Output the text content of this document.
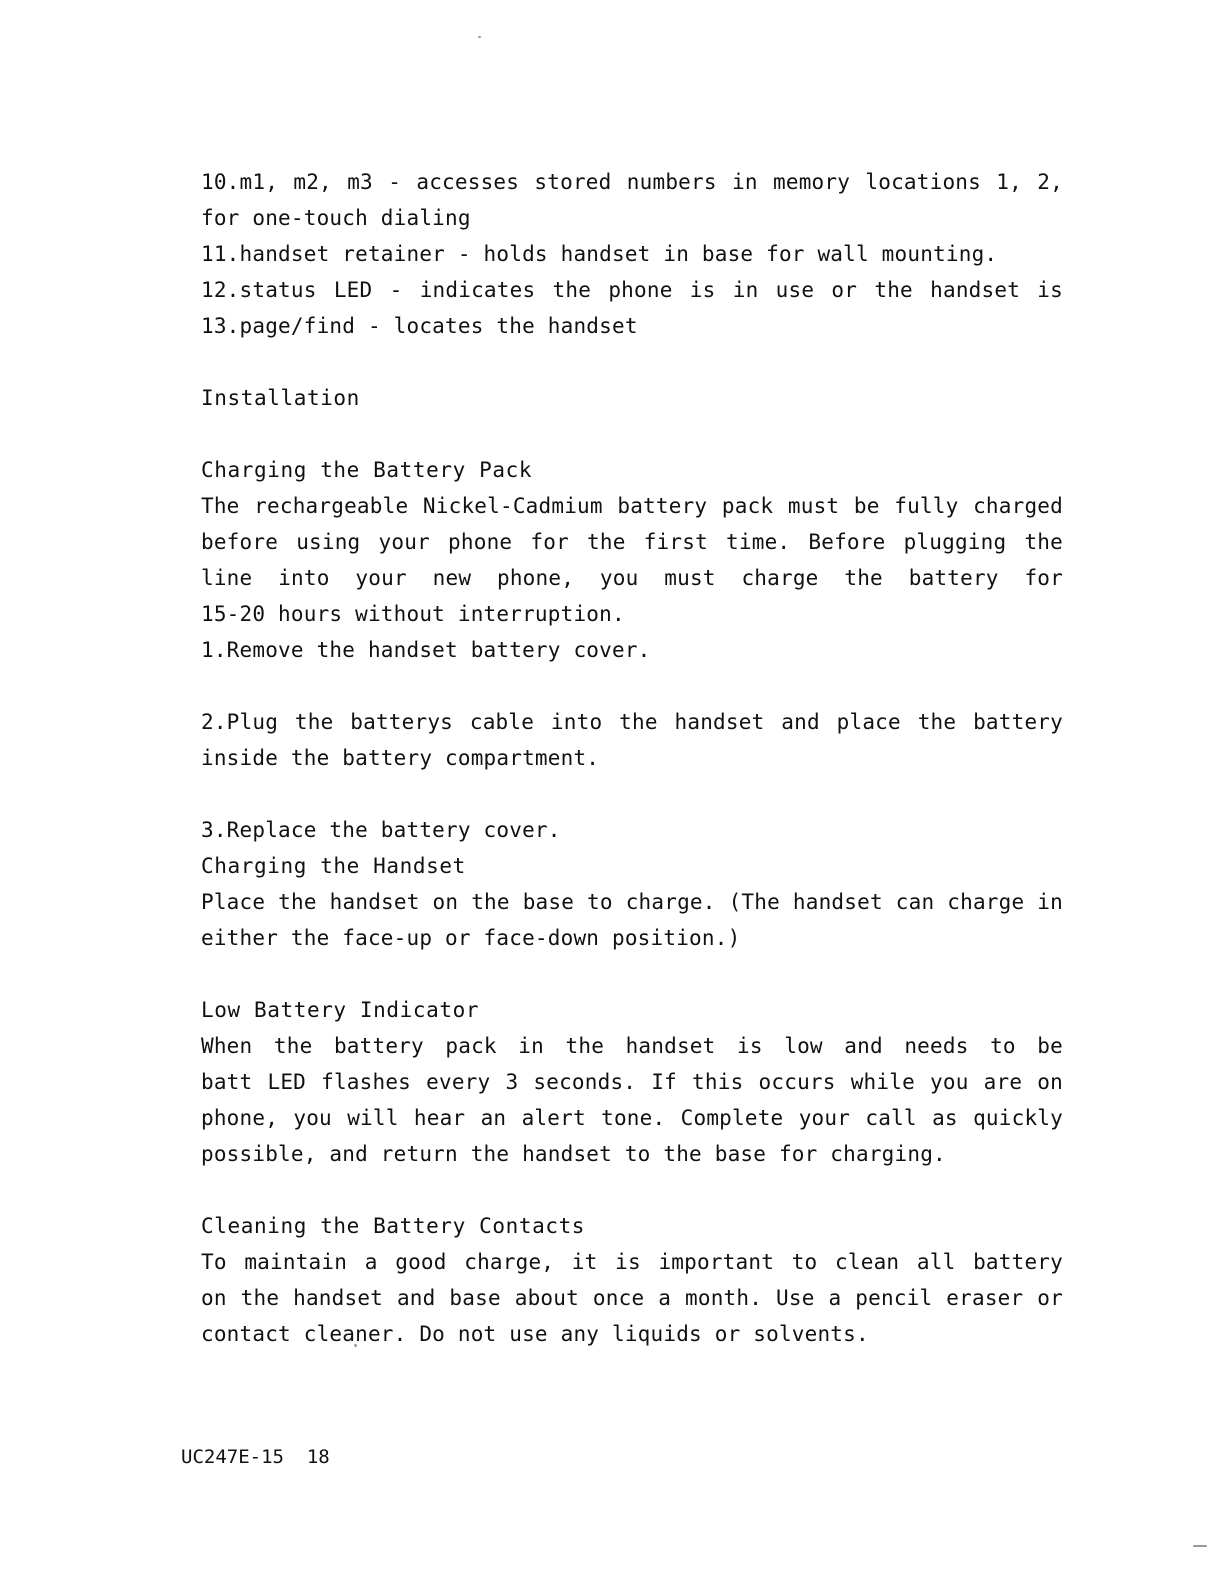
10.m1, m2, m3 - accesses stored numbers in memory locations 1, 2,
for one-touch dialing
11.handset retainer - holds handset in base for wall mounting.
12.status LED - indicates the phone is in use or the handset is
13.page/find - locates the handset
Installation
Charging the Battery Pack
The rechargeable Nickel-Cadmium battery pack must be fully charged
before using your phone for the first time. Before plugging the
line into your new phone, you must charge the battery for
15-20 hours without interruption.
1.Remove the handset battery cover.
2.Plug the batterys cable into the handset and place the battery
inside the battery compartment.
3.Replace the battery cover.
Charging the Handset
Place the handset on the base to charge. (The handset can charge in
either the face-up or face-down position.)
Low Battery Indicator
When the battery pack in the handset is low and needs to be
batt LED flashes every 3 seconds. If this occurs while you are on
phone, you will hear an alert tone. Complete your call as quickly
possible, and return the handset to the base for charging.
Cleaning the Battery Contacts
To maintain a good charge, it is important to clean all battery
on the handset and base about once a month. Use a pencil eraser or
contact cleaner. Do not use any liquids or solvents.
UC247E-15  18
